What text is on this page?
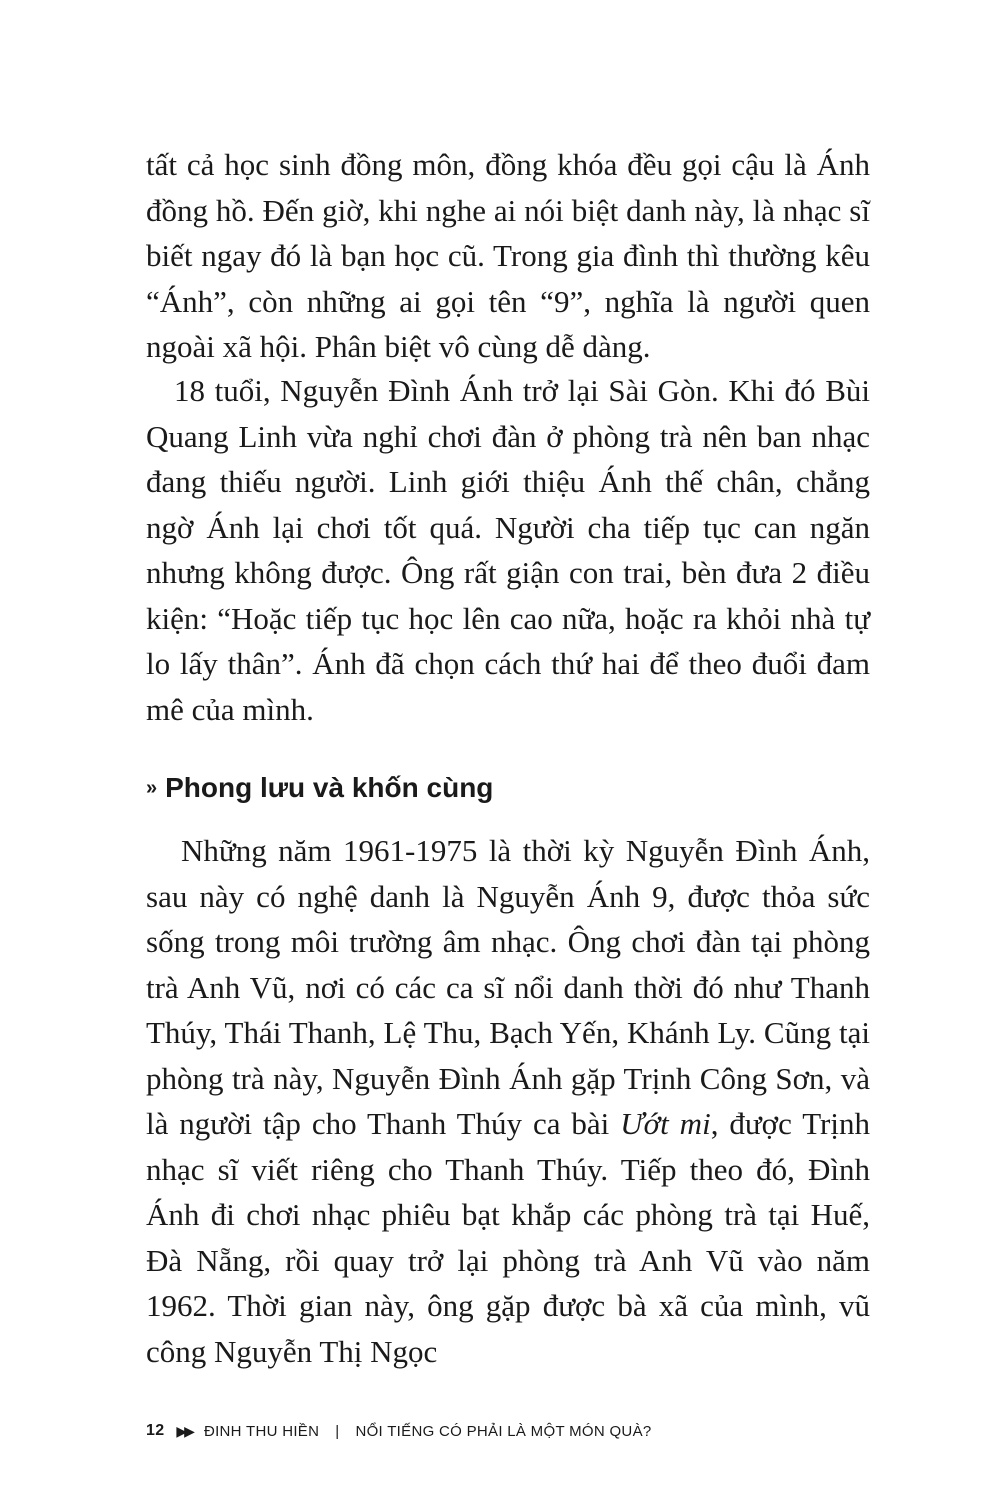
tất cả học sinh đồng môn, đồng khóa đều gọi cậu là Ánh đồng hồ. Đến giờ, khi nghe ai nói biệt danh này, là nhạc sĩ biết ngay đó là bạn học cũ. Trong gia đình thì thường kêu “Ánh”, còn những ai gọi tên “9”, nghĩa là người quen ngoài xã hội. Phân biệt vô cùng dễ dàng.

18 tuổi, Nguyễn Đình Ánh trở lại Sài Gòn. Khi đó Bùi Quang Linh vừa nghỉ chơi đàn ở phòng trà nên ban nhạc đang thiếu người. Linh giới thiệu Ánh thế chân, chẳng ngờ Ánh lại chơi tốt quá. Người cha tiếp tục can ngăn nhưng không được. Ông rất giận con trai, bèn đưa 2 điều kiện: “Hoặc tiếp tục học lên cao nữa, hoặc ra khỏi nhà tự lo lấy thân”. Ánh đã chọn cách thứ hai để theo đuổi đam mê của mình.

» Phong lưu và khốn cùng

Những năm 1961-1975 là thời kỳ Nguyễn Đình Ánh, sau này có nghệ danh là Nguyễn Ánh 9, được thỏa sức sống trong môi trường âm nhạc. Ông chơi đàn tại phòng trà Anh Vũ, nơi có các ca sĩ nổi danh thời đó như Thanh Thúy, Thái Thanh, Lệ Thu, Bạch Yến, Khánh Ly. Cũng tại phòng trà này, Nguyễn Đình Ánh gặp Trịnh Công Sơn, và là người tập cho Thanh Thúy ca bài Ướt mi, được Trịnh nhạc sĩ viết riêng cho Thanh Thúy. Tiếp theo đó, Đình Ánh đi chơi nhạc phiêu bạt khắp các phòng trà tại Huế, Đà Nẵng, rồi quay trở lại phòng trà Anh Vũ vào năm 1962. Thời gian này, ông gặp được bà xã của mình, vũ công Nguyễn Thị Ngọc

12 ▶▶ ĐINH THU HIỀN | NỔI TIẾNG CÓ PHẢI LÀ MỘT MÓN QUÀ?
